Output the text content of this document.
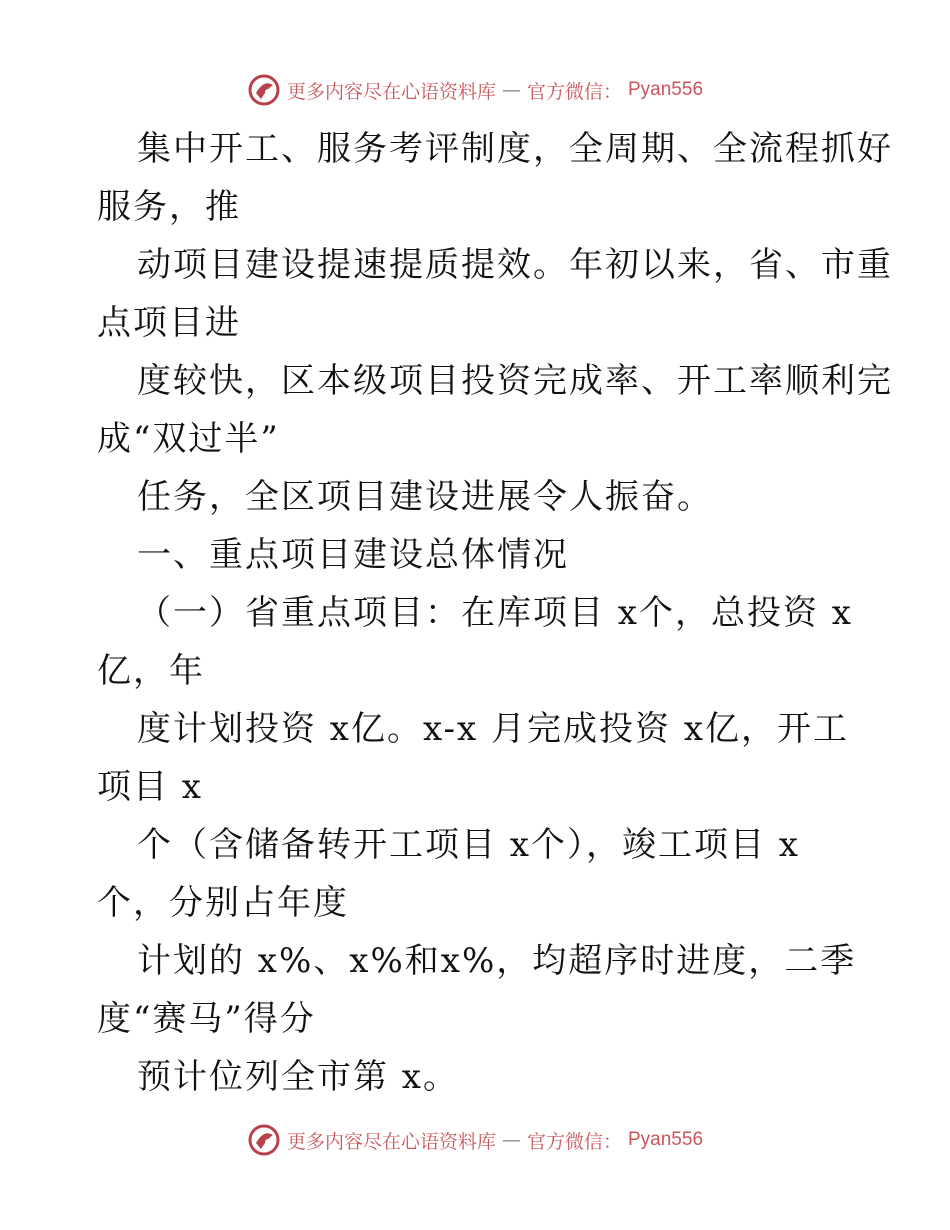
更多内容尽在心语资料库 — 官方微信： Pyan556
集中开工、服务考评制度，全周期、全流程抓好
服务，推
动项目建设提速提质提效。年初以来，省、市重
点项目进
度较快，区本级项目投资完成率、开工率顺利完
成“双过半”
任务，全区项目建设进展令人振奋。
一、重点项目建设总体情况
（一）省重点项目：在库项目 x个，总投资 x
亿，年
度计划投资 x亿。x-x 月完成投资 x亿，开工
项目 x
个（含储备转开工项目 x个），竣工项目 x
个，分别占年度
计划的 x%、x%和x%，均超序时进度，二季
度“赛马”得分
预计位列全市第 x。
更多内容尽在心语资料库 — 官方微信： Pyan556
